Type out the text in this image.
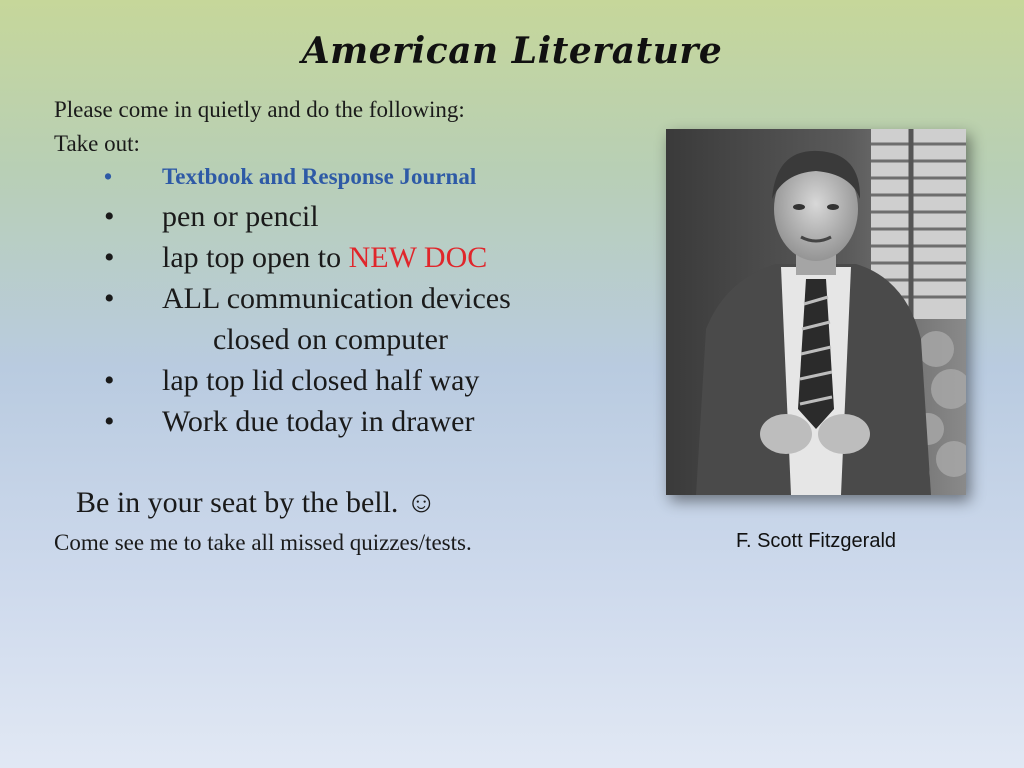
American Literature
Please come in quietly and do the following:
Take out:
• Textbook and Response Journal
• pen or pencil
• lap top open to NEW DOC
• ALL communication devices
closed on computer
• lap top lid closed half way
• Work due today in drawer
Be in your seat by the bell. ☺
Come see me to take all missed quizzes/tests.	F. Scott Fitzgerald
